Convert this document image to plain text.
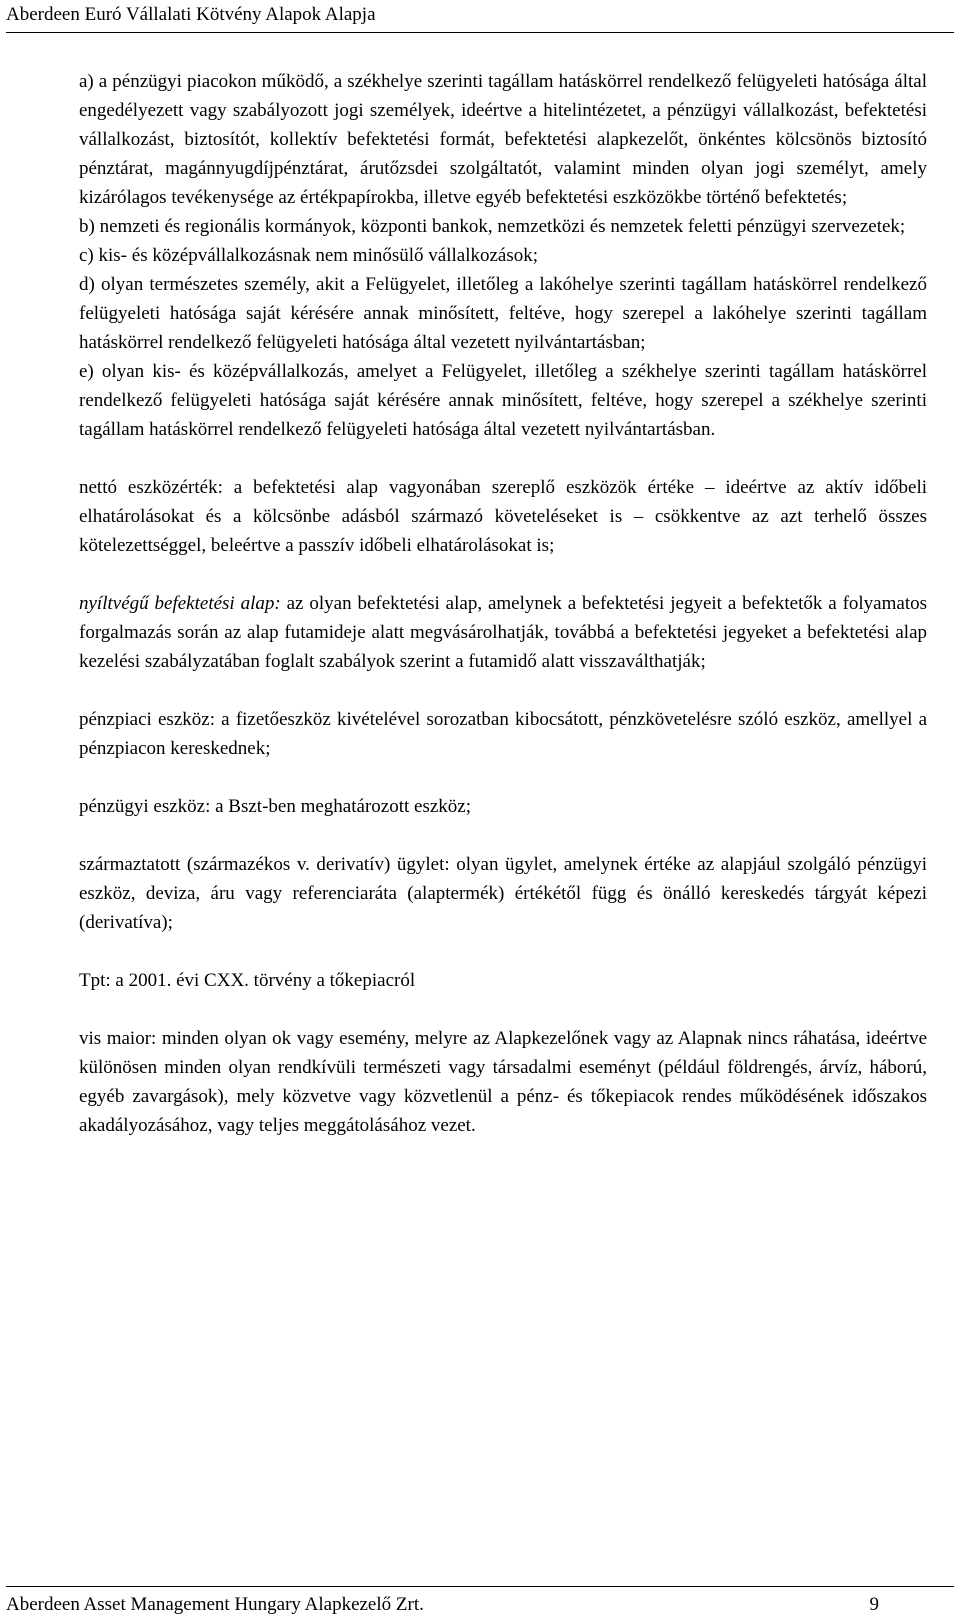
Aberdeen Euró Vállalati Kötvény Alapok Alapja

a) a pénzügyi piacokon működő, a székhelye szerinti tagállam hatáskörrel rendelkező felügyeleti hatósága által engedélyezett vagy szabályozott jogi személyek, ideértve a hitelintézetet, a pénzügyi vállalkozást, befektetési vállalkozást, biztosítót, kollektív befektetési formát, befektetési alapkezelőt, önkéntes kölcsönös biztosító pénztárat, magánnyugdíjpénztárat, árutőzsdei szolgáltatót, valamint minden olyan jogi személyt, amely kizárólagos tevékenysége az értékpapírokba, illetve egyéb befektetési eszközökbe történő befektetés;

b) nemzeti és regionális kormányok, központi bankok, nemzetközi és nemzetek feletti pénzügyi szervezetek;

c) kis- és középvállalkozásnak nem minősülő vállalkozások;

d) olyan természetes személy, akit a Felügyelet, illetőleg a lakóhelye szerinti tagállam hatáskörrel rendelkező felügyeleti hatósága saját kérésére annak minősített, feltéve, hogy szerepel a lakóhelye szerinti tagállam hatáskörrel rendelkező felügyeleti hatósága által vezetett nyilvántartásban;

e) olyan kis- és középvállalkozás, amelyet a Felügyelet, illetőleg a székhelye szerinti tagállam hatáskörrel rendelkező felügyeleti hatósága saját kérésére annak minősített, feltéve, hogy szerepel a székhelye szerinti tagállam hatáskörrel rendelkező felügyeleti hatósága által vezetett nyilvántartásban.

nettó eszközérték: a befektetési alap vagyonában szereplő eszközök értéke – ideértve az aktív időbeli elhatárolásokat és a kölcsönbe adásból származó követeléseket is – csökkentve az azt terhelő összes kötelezettséggel, beleértve a passzív időbeli elhatárolásokat is;

nyíltvégű befektetési alap: az olyan befektetési alap, amelynek a befektetési jegyeit a befektetők a folyamatos forgalmazás során az alap futamideje alatt megvásárolhatják, továbbá a befektetési jegyeket a befektetési alap kezelési szabályzatában foglalt szabályok szerint a futamidő alatt visszaválthatják;

pénzpiaci eszköz: a fizetőeszköz kivételével sorozatban kibocsátott, pénzkövetelésre szóló eszköz, amellyel a pénzpiacon kereskednek;

pénzügyi eszköz: a Bszt-ben meghatározott eszköz;

származtatott (származékos v. derivatív) ügylet: olyan ügylet, amelynek értéke az alapjául szolgáló pénzügyi eszköz, deviza, áru vagy referenciaráta (alaptermék) értékétől függ és önálló kereskedés tárgyát képezi (derivatíva);

Tpt: a 2001. évi CXX. törvény a tőkepiacról

vis maior: minden olyan ok vagy esemény, melyre az Alapkezelőnek vagy az Alapnak nincs ráhatása, ideértve különösen minden olyan rendkívüli természeti vagy társadalmi eseményt (például földrengés, árvíz, háború, egyéb zavargások), mely közvetve vagy közvetlenül a pénz- és tőkepiacok rendes működésének időszakos akadályozásához, vagy teljes meggátolásához vezet.

Aberdeen Asset Management Hungary Alapkezelő Zrt.	9
